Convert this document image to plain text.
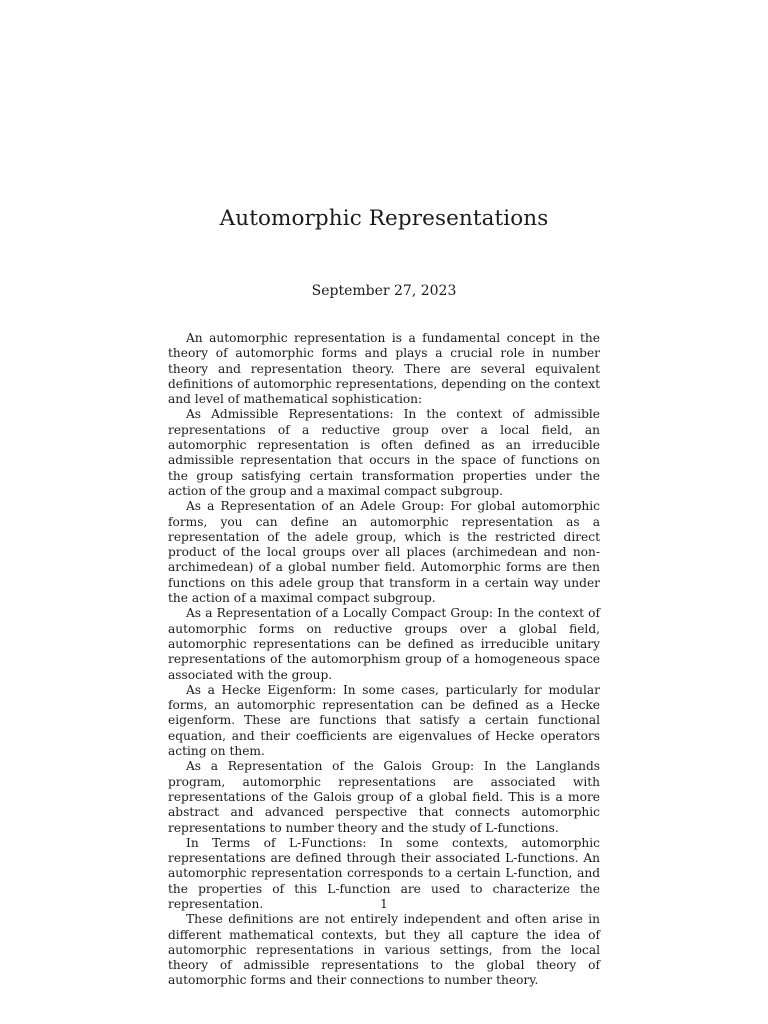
Automorphic Representations
September 27, 2023

An automorphic representation is a fundamental concept in the theory of automorphic forms and plays a crucial role in number theory and representation theory. There are several equivalent definitions of automorphic representations, depending on the context and level of mathematical sophistication:

As Admissible Representations: In the context of admissible representations of a reductive group over a local field, an automorphic representation is often defined as an irreducible admissible representation that occurs in the space of functions on the group satisfying certain transformation properties under the action of the group and a maximal compact subgroup.

As a Representation of an Adele Group: For global automorphic forms, you can define an automorphic representation as a representation of the adele group, which is the restricted direct product of the local groups over all places (archimedean and non-archimedean) of a global number field. Automorphic forms are then functions on this adele group that transform in a certain way under the action of a maximal compact subgroup.

As a Representation of a Locally Compact Group: In the context of automorphic forms on reductive groups over a global field, automorphic representations can be defined as irreducible unitary representations of the automorphism group of a homogeneous space associated with the group.

As a Hecke Eigenform: In some cases, particularly for modular forms, an automorphic representation can be defined as a Hecke eigenform. These are functions that satisfy a certain functional equation, and their coefficients are eigenvalues of Hecke operators acting on them.

As a Representation of the Galois Group: In the Langlands program, automorphic representations are associated with representations of the Galois group of a global field. This is a more abstract and advanced perspective that connects automorphic representations to number theory and the study of L-functions.

In Terms of L-Functions: In some contexts, automorphic representations are defined through their associated L-functions. An automorphic representation corresponds to a certain L-function, and the properties of this L-function are used to characterize the representation.

These definitions are not entirely independent and often arise in different mathematical contexts, but they all capture the idea of automorphic representations in various settings, from the local theory of admissible representations to the global theory of automorphic forms and their connections to number theory.

1
